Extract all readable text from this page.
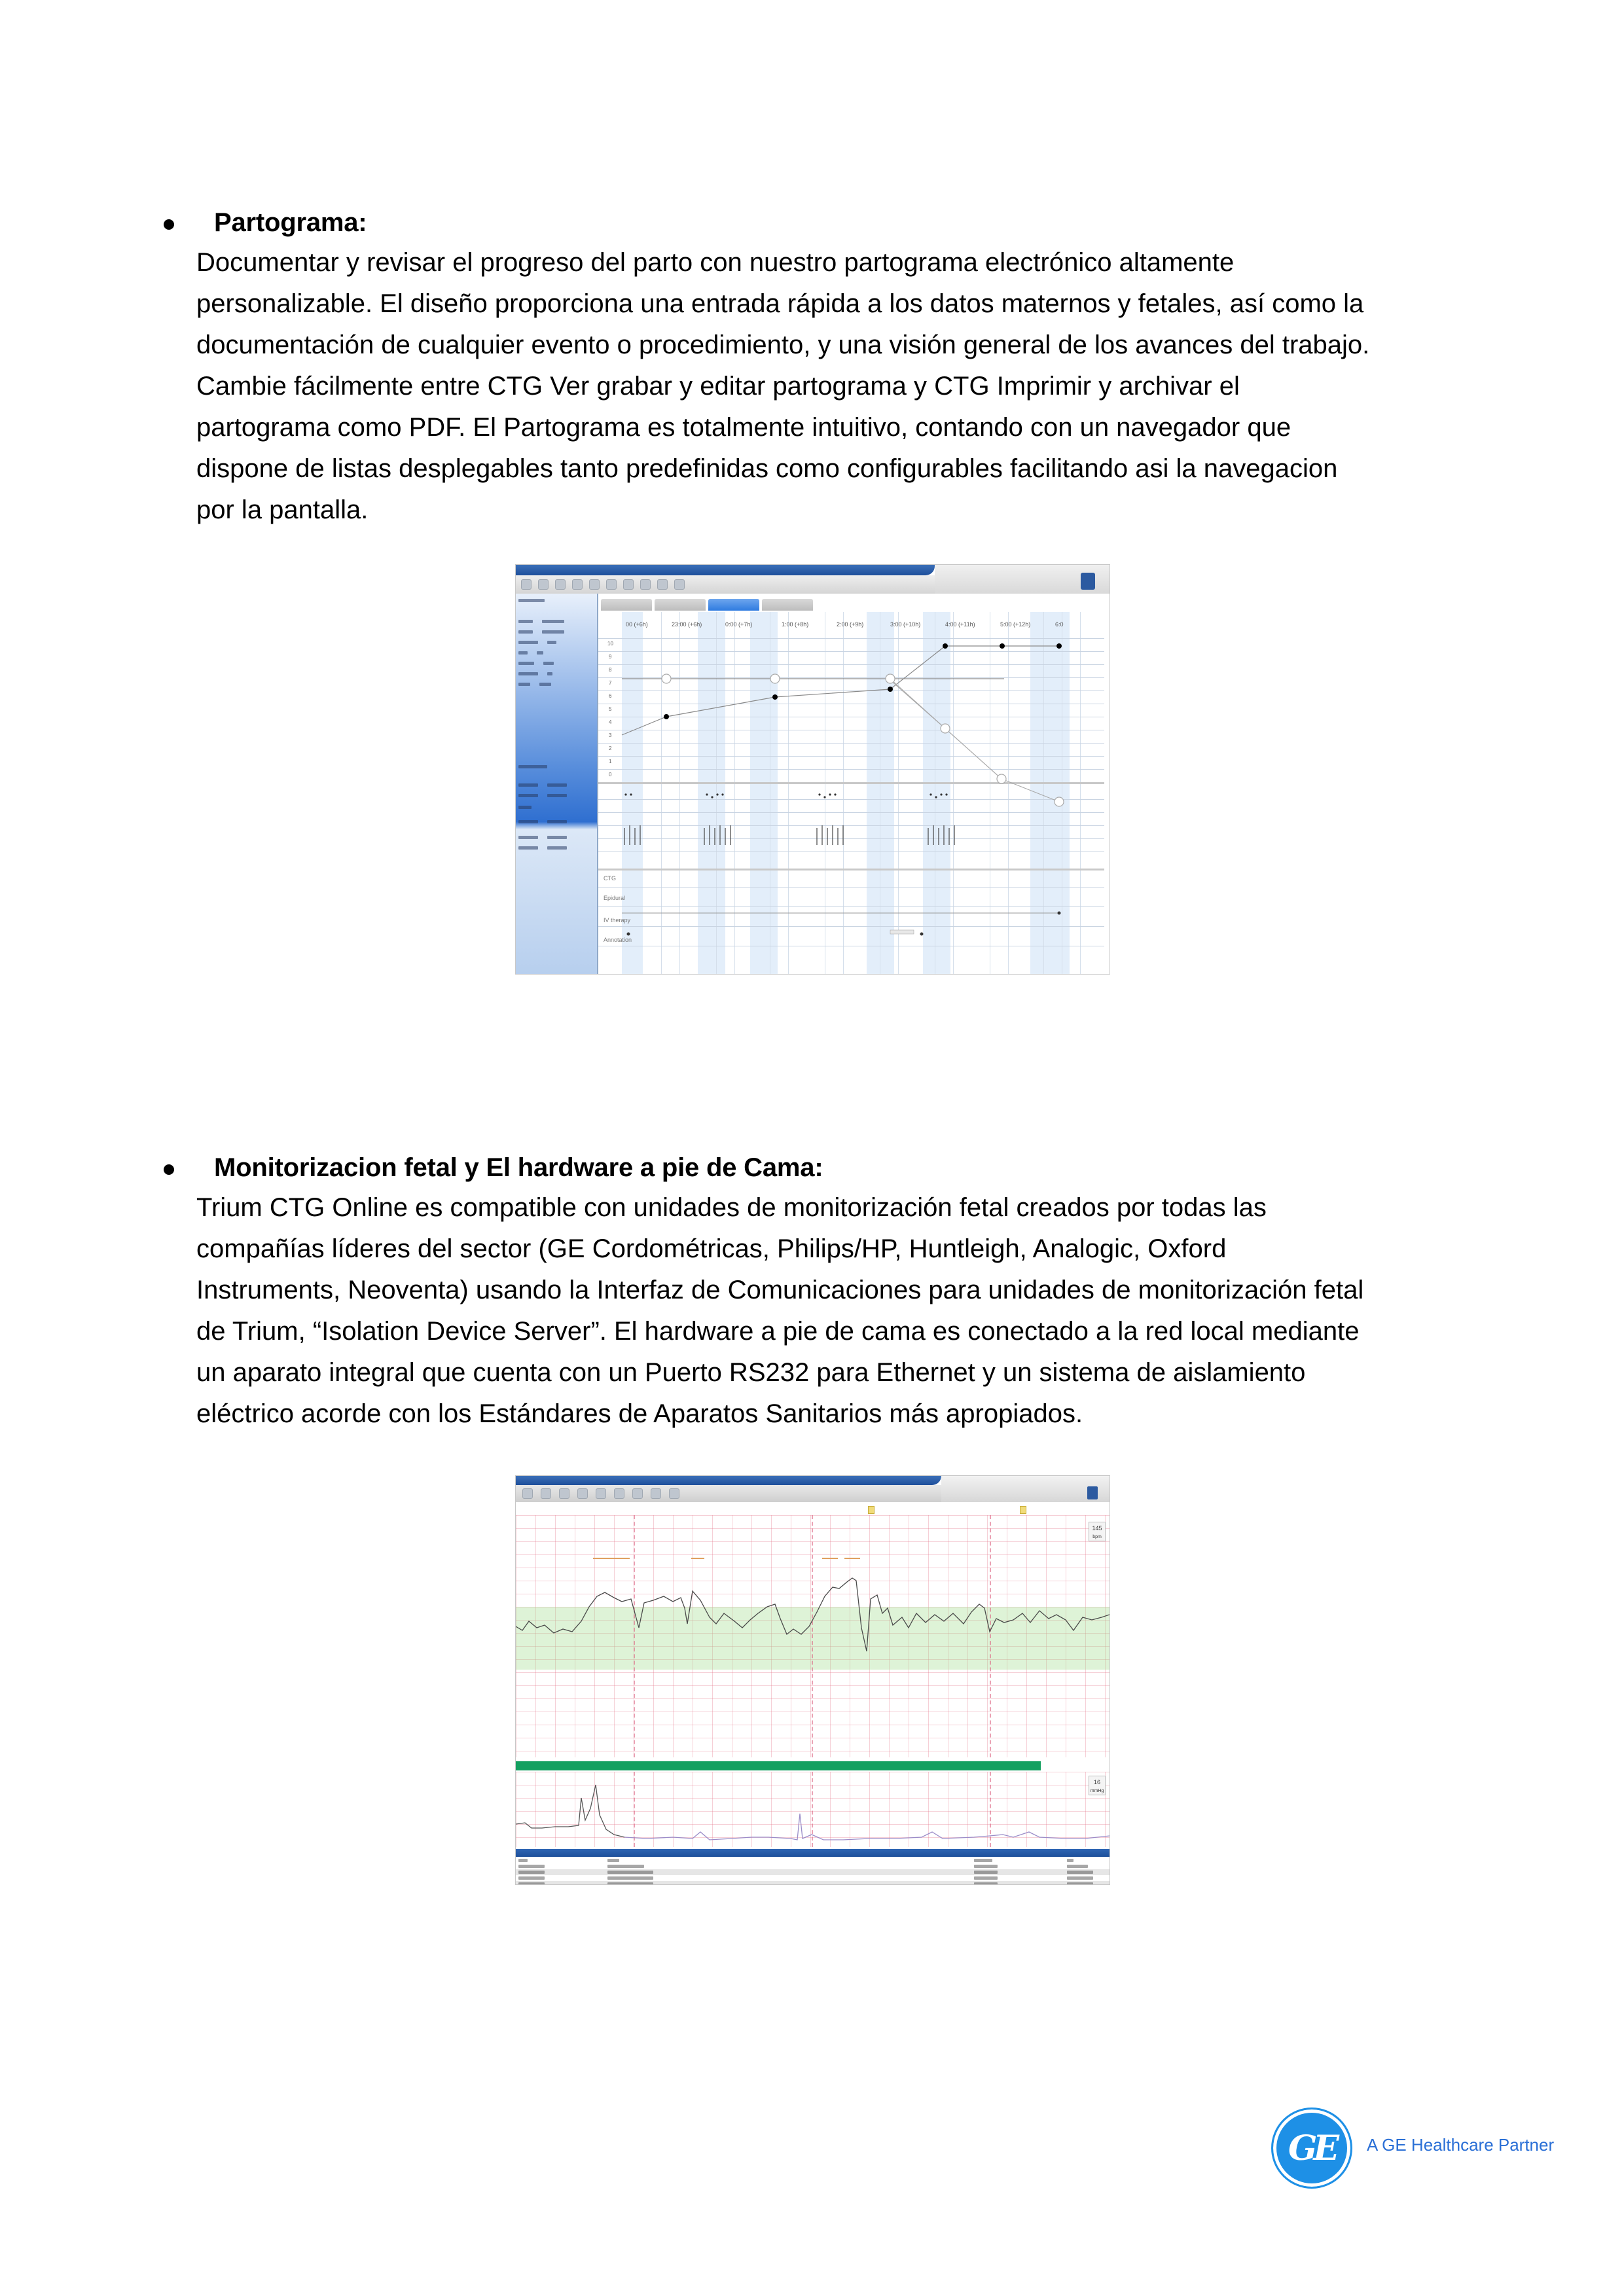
Partograma:
Documentar y revisar el progreso del parto con nuestro partograma electrónico altamente
personalizable. El diseño proporciona una entrada rápida a los datos maternos y fetales, así como la
documentación de cualquier evento o procedimiento, y una visión general de los avances del trabajo.
Cambie fácilmente entre CTG Ver grabar y editar partograma y CTG Imprimir y archivar el
partograma como PDF. El Partograma es totalmente intuitivo, contando con un navegador que
dispone de listas desplegables tanto predefinidas como configurables facilitando asi la navegacion
por la pantalla.
00 (+6h)	23:00 (+6h)	0:00 (+7h)	1:00 (+8h)	2:00 (+9h)	3:00 (+10h)	4:00 (+11h)	5:00 (+12h)	6:0
10
9
8
7
6
5
4
3
2
1
0
CTG
Epidural
IV therapy
Annotation
Monitorizacion fetal y El hardware a pie de Cama:
Trium CTG Online es compatible con unidades de monitorización fetal creados por todas las
compañías líderes del sector (GE Cordométricas, Philips/HP, Huntleigh, Analogic, Oxford
Instruments, Neoventa) usando la Interfaz de Comunicaciones para unidades de monitorización fetal
de Trium, “Isolation Device Server”. El hardware a pie de cama es conectado a la red local mediante
un aparato integral que cuenta con un Puerto RS232 para Ethernet y un sistema de aislamiento
eléctrico acorde con los Estándares de Aparatos Sanitarios más apropiados.
145
bpm
16
mmHg
GE A GE Healthcare Partner
